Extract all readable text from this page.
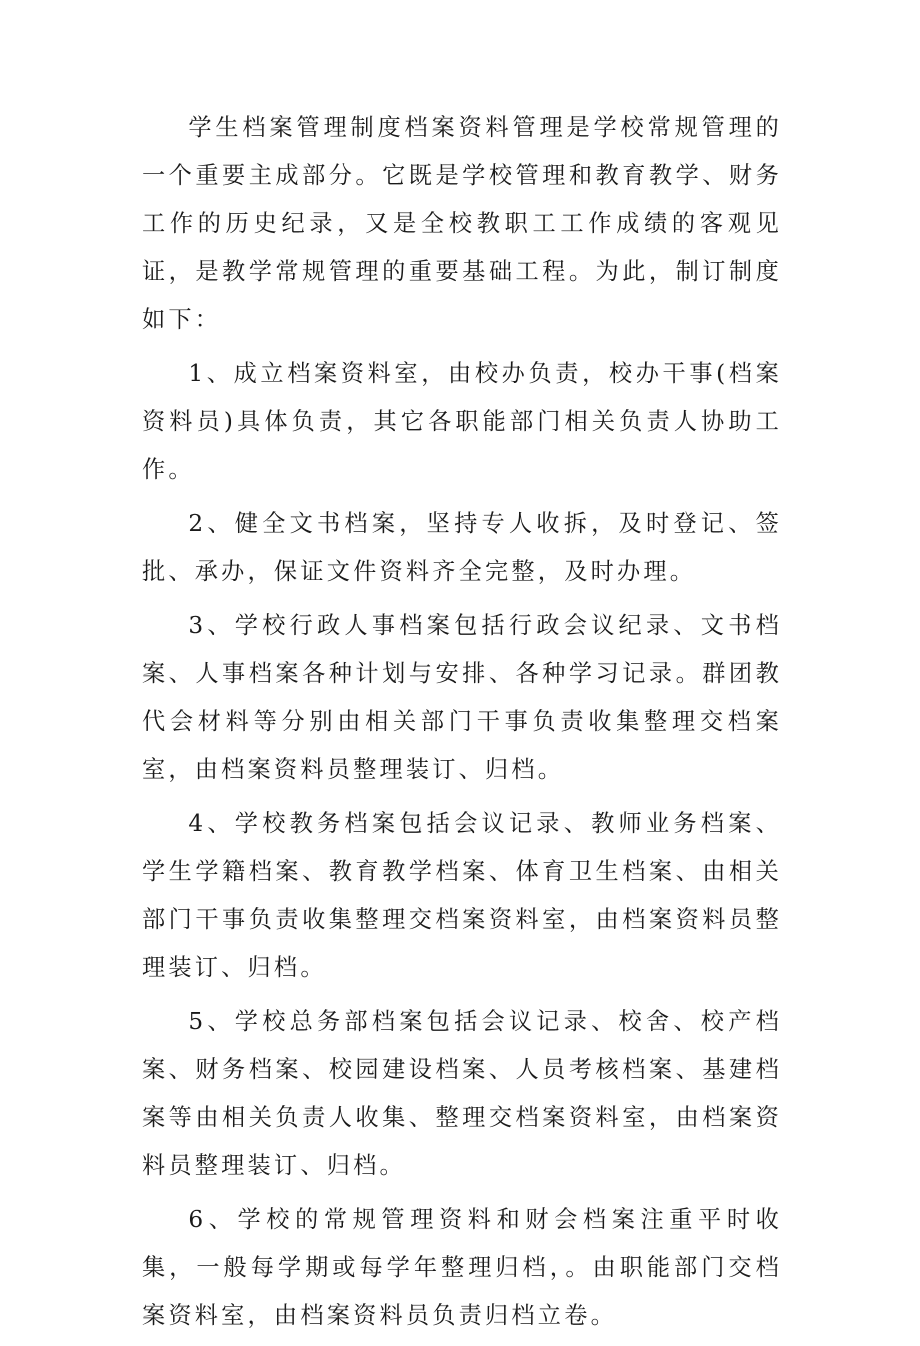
学生档案管理制度档案资料管理是学校常规管理的一个重要主成部分。它既是学校管理和教育教学、财务工作的历史纪录，又是全校教职工工作成绩的客观见证，是教学常规管理的重要基础工程。为此，制订制度如下：

1、成立档案资料室，由校办负责，校办干事(档案资料员)具体负责，其它各职能部门相关负责人协助工作。

2、健全文书档案，坚持专人收拆，及时登记、签批、承办，保证文件资料齐全完整，及时办理。

3、学校行政人事档案包括行政会议纪录、文书档案、人事档案各种计划与安排、各种学习记录。群团教代会材料等分别由相关部门干事负责收集整理交档案室，由档案资料员整理装订、归档。

4、学校教务档案包括会议记录、教师业务档案、学生学籍档案、教育教学档案、体育卫生档案、由相关部门干事负责收集整理交档案资料室，由档案资料员整理装订、归档。

5、学校总务部档案包括会议记录、校舍、校产档案、财务档案、校园建设档案、人员考核档案、基建档案等由相关负责人收集、整理交档案资料室，由档案资料员整理装订、归档。

6、学校的常规管理资料和财会档案注重平时收集，一般每学期或每学年整理归档，。由职能部门交档案资料室，由档案资料员负责归档立卷。
